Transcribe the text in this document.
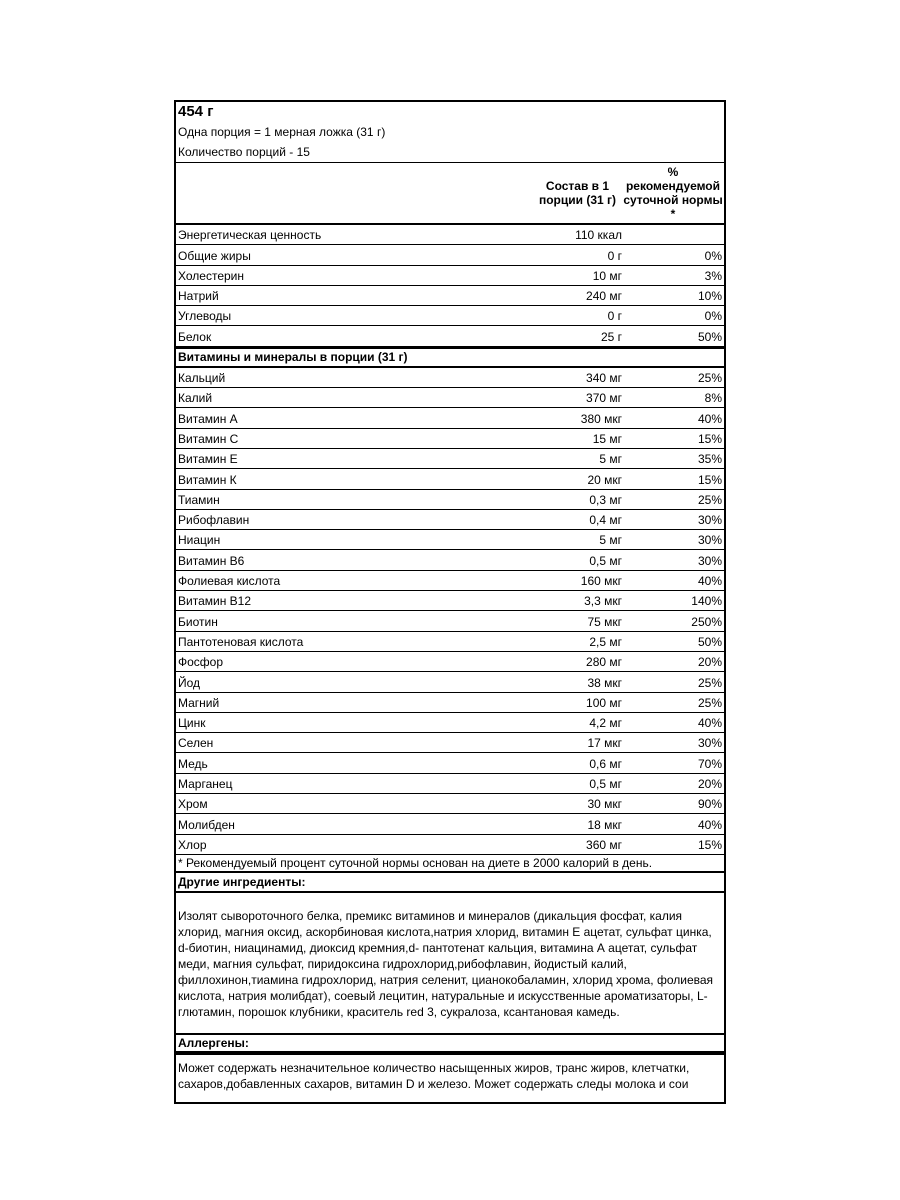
454 г
Одна порция = 1 мерная ложка (31 г)
Количество порций - 15
Состав в 1 порции (31 г)
% рекомендуемой суточной нормы *
Энергетическая ценность	110 ккал
Общие жиры	0 г	0%
Холестерин	10 мг	3%
Натрий	240 мг	10%
Углеводы	0 г	0%
Белок	25 г	50%
Витамины и минералы в порции (31 г)
Кальций	340 мг	25%
Калий	370 мг	8%
Витамин А	380 мкг	40%
Витамин С	15 мг	15%
Витамин Е	5 мг	35%
Витамин К	20 мкг	15%
Тиамин	0,3 мг	25%
Рибофлавин	0,4 мг	30%
Ниацин	5 мг	30%
Витамин В6	0,5 мг	30%
Фолиевая кислота	160 мкг	40%
Витамин В12	3,3 мкг	140%
Биотин	75 мкг	250%
Пантотеновая кислота	2,5 мг	50%
Фосфор	280 мг	20%
Йод	38 мкг	25%
Магний	100 мг	25%
Цинк	4,2 мг	40%
Селен	17 мкг	30%
Медь	0,6 мг	70%
Марганец	0,5 мг	20%
Хром	30 мкг	90%
Молибден	18 мкг	40%
Хлор	360 мг	15%
* Рекомендуемый процент суточной нормы основан на диете в 2000 калорий в день.
Другие ингредиенты:
Изолят сывороточного белка, премикс витаминов и минералов (дикальция фосфат, калия хлорид, магния оксид, аскорбиновая кислота,натрия хлорид, витамин Е ацетат, сульфат цинка, d-биотин, ниацинамид, диоксид кремния,d- пантотенат кальция, витамина А ацетат, сульфат меди, магния сульфат, пиридоксина гидрохлорид,рибофлавин, йодистый калий, филлохинон,тиамина гидрохлорид, натрия селенит, цианокобаламин, хлорид хрома, фолиевая кислота, натрия молибдат), соевый лецитин, натуральные и искусственные ароматизаторы, L-глютамин, порошок клубники, краситель red 3, сукралоза, ксантановая камедь.
Аллергены:
Может содержать незначительное количество насыщенных жиров, транс жиров, клетчатки, сахаров,добавленных сахаров, витамин D и железо. Может содержать следы молока и сои
